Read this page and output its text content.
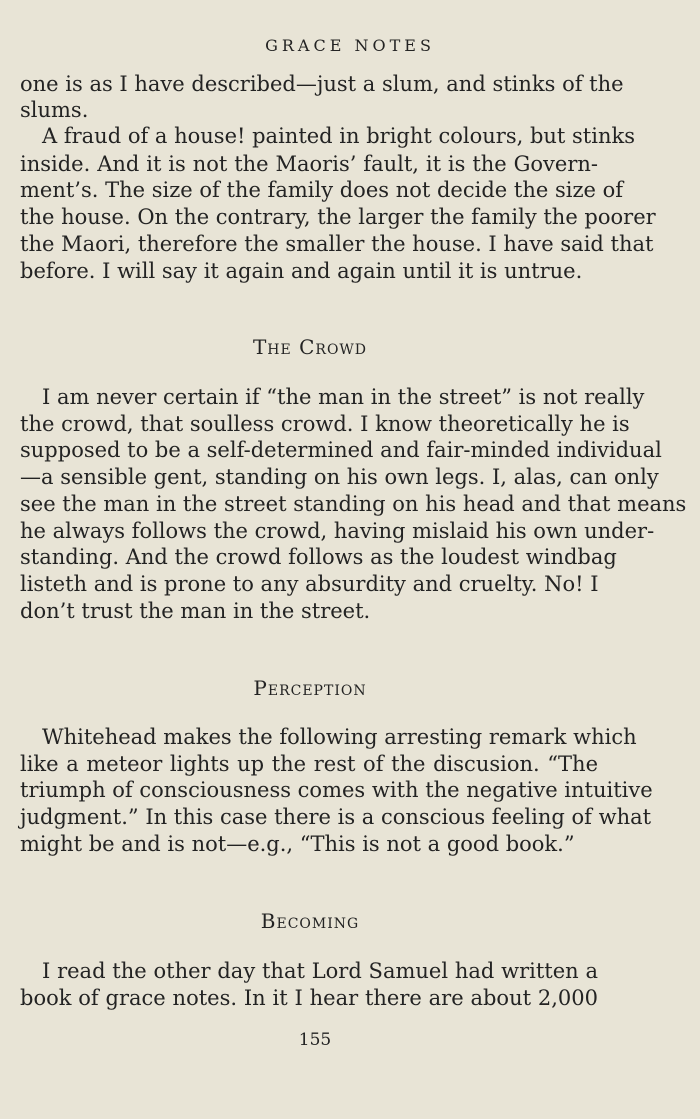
GRACE NOTES
one is as I have described—just a slum, and stinks of the
slums.
A fraud of a house! painted in bright colours, but stinks
inside. And it is not the Maoris’ fault, it is the Govern-
ment’s. The size of the family does not decide the size of
the house. On the contrary, the larger the family the poorer
the Maori, therefore the smaller the house. I have said that
before. I will say it again and again until it is untrue.
The Crowd
I am never certain if “the man in the street” is not really
the crowd, that soulless crowd. I know theoretically he is
supposed to be a self-determined and fair-minded individual
—a sensible gent, standing on his own legs. I, alas, can only
see the man in the street standing on his head and that means
he always follows the crowd, having mislaid his own under-
standing. And the crowd follows as the loudest windbag
listeth and is prone to any absurdity and cruelty. No! I
don’t trust the man in the street.
Perception
Whitehead makes the following arresting remark which
like a meteor lights up the rest of the discusion. “The
triumph of consciousness comes with the negative intuitive
judgment.” In this case there is a conscious feeling of what
might be and is not—e.g., “This is not a good book.”
Becoming
I read the other day that Lord Samuel had written a
book of grace notes. In it I hear there are about 2,000
155
